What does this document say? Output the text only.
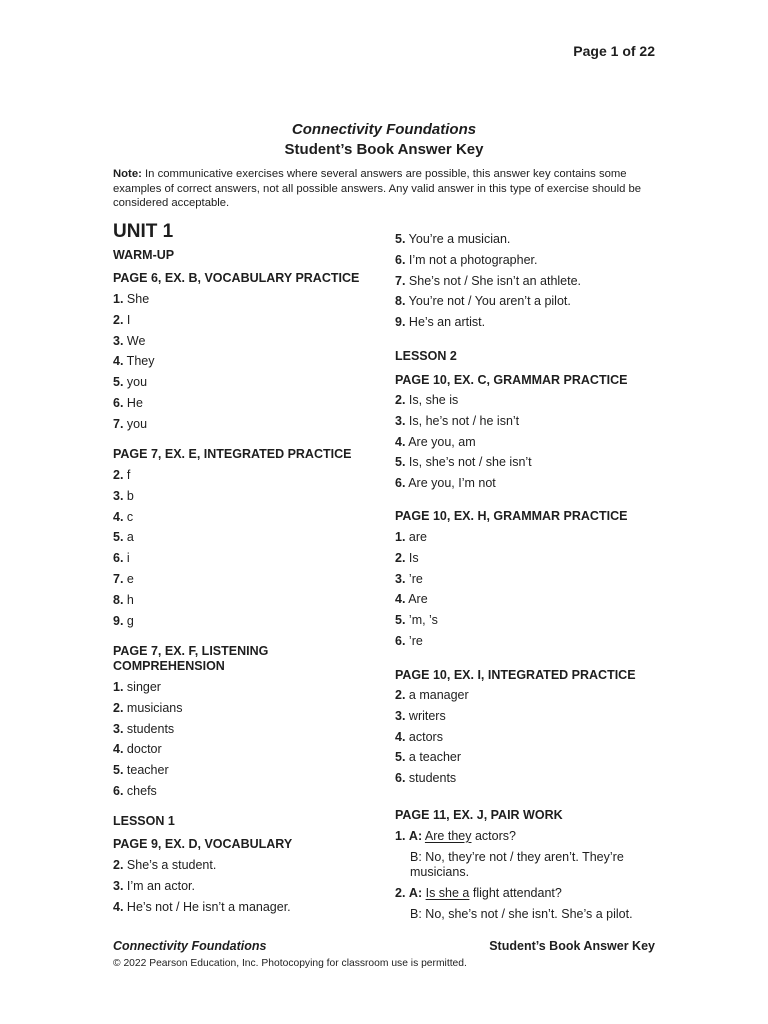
Page 1 of 22
Connectivity Foundations
Student’s Book Answer Key
Note: In communicative exercises where several answers are possible, this answer key contains some examples of correct answers, not all possible answers. Any valid answer in this type of exercise should be considered acceptable.
UNIT 1
WARM-UP
PAGE 6, EX. B, VOCABULARY PRACTICE
1. She
2. I
3. We
4. They
5. you
6. He
7. you
PAGE 7, EX. E, INTEGRATED PRACTICE
2. f
3. b
4. c
5. a
6. i
7. e
8. h
9. g
PAGE 7, EX. F, LISTENING
COMPREHENSION
1. singer
2. musicians
3. students
4. doctor
5. teacher
6. chefs
LESSON 1
PAGE 9, EX. D, VOCABULARY
2. She’s a student.
3. I’m an actor.
4. He’s not / He isn’t a manager.
5. You’re a musician.
6. I’m not a photographer.
7. She’s not / She isn’t an athlete.
8. You’re not / You aren’t a pilot.
9. He’s an artist.
LESSON 2
PAGE 10, EX. C, GRAMMAR PRACTICE
2. Is, she is
3. Is, he’s not / he isn’t
4. Are you, am
5. Is, she’s not / she isn’t
6. Are you, I’m not
PAGE 10, EX. H, GRAMMAR PRACTICE
1. are
2. Is
3. ’re
4. Are
5. ’m, ’s
6. ’re
PAGE 10, EX. I, INTEGRATED PRACTICE
2. a manager
3. writers
4. actors
5. a teacher
6. students
PAGE 11, EX. J, PAIR WORK
1. A: Are they actors?
B: No, they’re not / they aren’t. They’re
musicians.
2. A: Is she a flight attendant?
B: No, she’s not / she isn’t. She’s a pilot.
Connectivity Foundations	Student’s Book Answer Key
© 2022 Pearson Education, Inc. Photocopying for classroom use is permitted.
